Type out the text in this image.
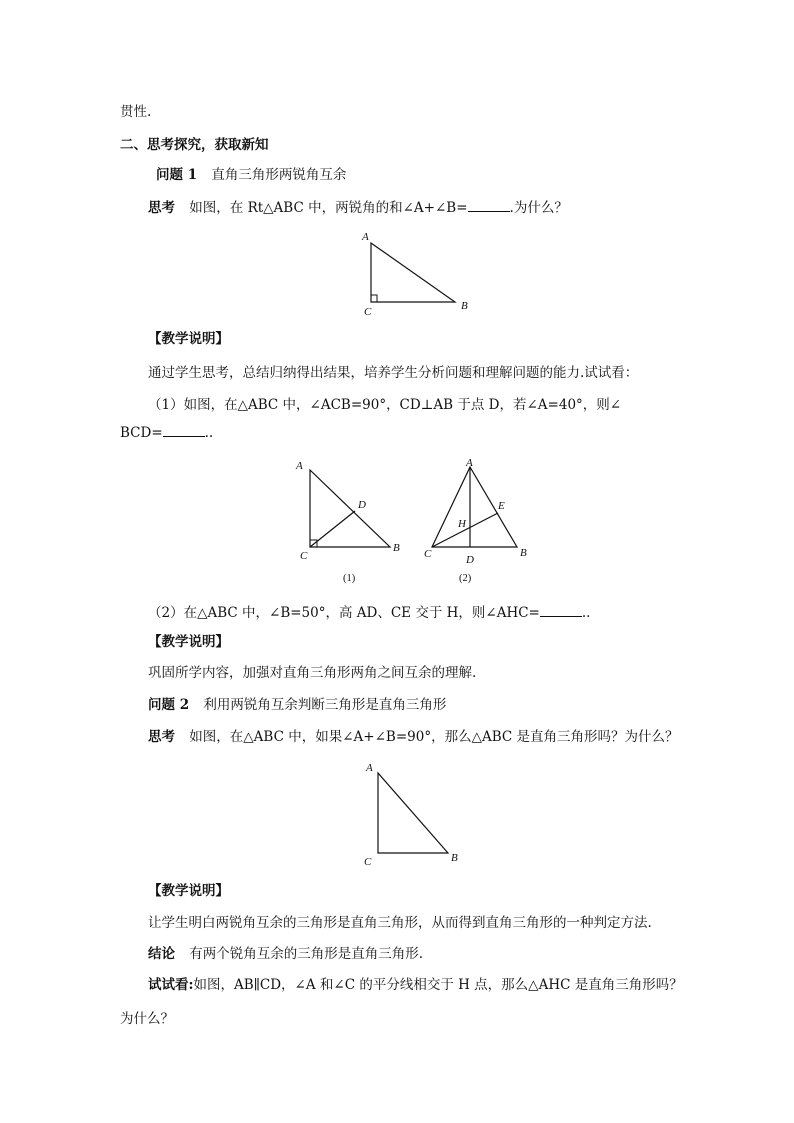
贯性.
二、思考探究，获取新知
问题 1 直角三角形两锐角互余
思考 如图，在 Rt△ABC 中，两锐角的和∠A+∠B=	.为什么？
A
B
C
【教学说明】
通过学生思考，总结归纳得出结果，培养学生分析问题和理解问题的能力.试试看：
（1）如图，在△ABC 中，∠ACB=90°，CD⊥AB 于点 D，若∠A=40°，则∠
BCD=	..
A
B
C
D
(1)
A
B
C	D
E
H
(2)
（2）在△ABC 中，∠B=50°，高 AD、CE 交于 H，则∠AHC=	..
【教学说明】
巩固所学内容，加强对直角三角形两角之间互余的理解.
问题 2 利用两锐角互余判断三角形是直角三角形
思考 如图，在△ABC 中，如果∠A+∠B=90°，那么△ABC 是直角三角形吗？为什么？
A
B
C
【教学说明】
让学生明白两锐角互余的三角形是直角三角形，从而得到直角三角形的一种判定方法.
结论 有两个锐角互余的三角形是直角三角形.
试试看:如图，AB∥CD，∠A 和∠C 的平分线相交于 H 点，那么△AHC 是直角三角形吗？
为什么？
